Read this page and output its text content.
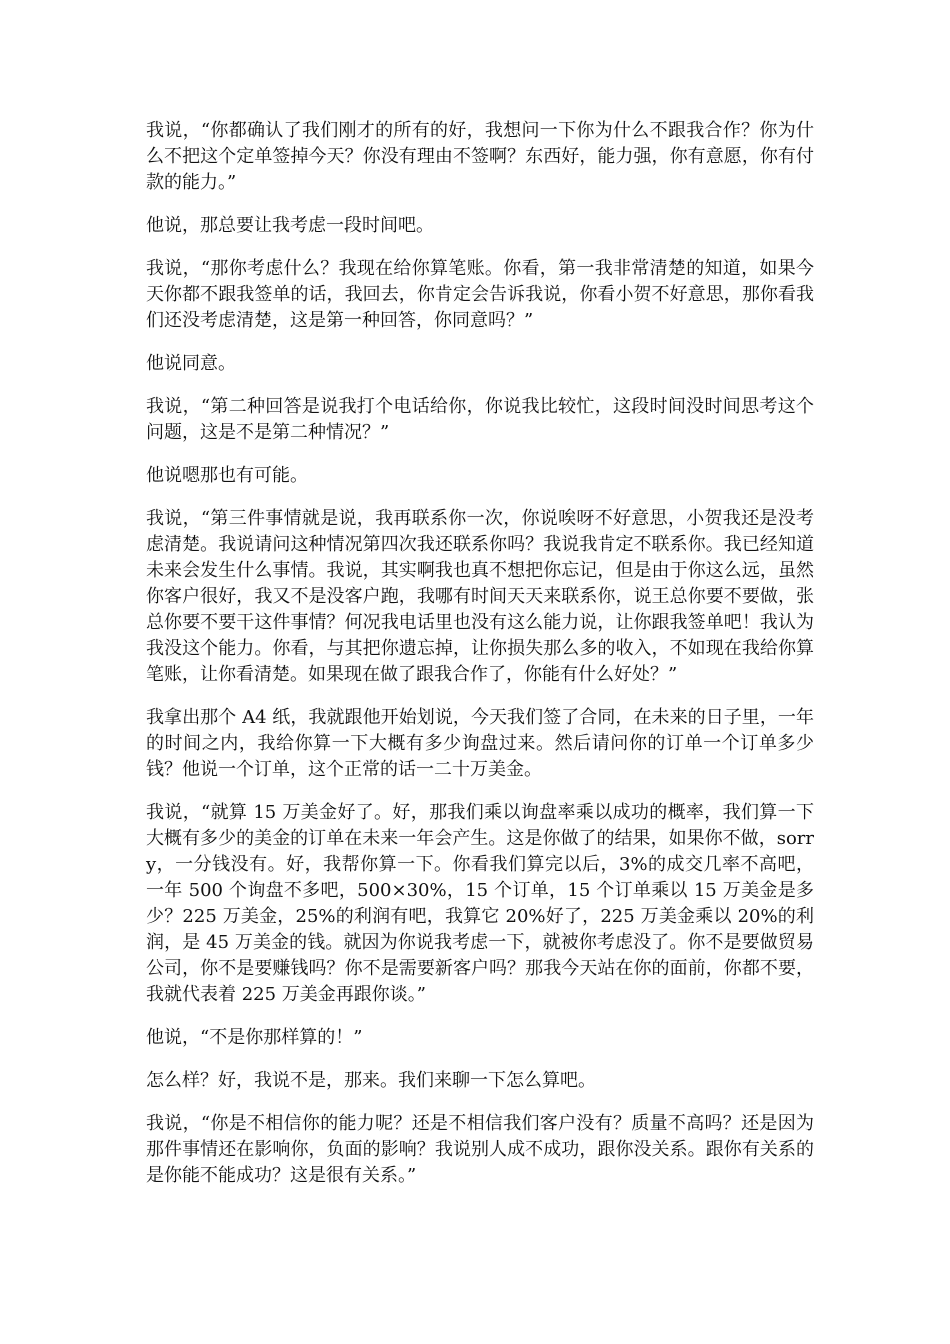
我说，“你都确认了我们刚才的所有的好，我想问一下你为什么不跟我合作？你为什么不把这个定单签掉今天？你没有理由不签啊？东西好，能力强，你有意愿，你有付款的能力。”

他说，那总要让我考虑一段时间吧。

我说，“那你考虑什么？我现在给你算笔账。你看，第一我非常清楚的知道，如果今天你都不跟我签单的话，我回去，你肯定会告诉我说，你看小贺不好意思，那你看我们还没考虑清楚，这是第一种回答，你同意吗？”

他说同意。

我说，“第二种回答是说我打个电话给你，你说我比较忙，这段时间没时间思考这个问题，这是不是第二种情况？”

他说嗯那也有可能。

我说，“第三件事情就是说，我再联系你一次，你说唉呀不好意思，小贺我还是没考虑清楚。我说请问这种情况第四次我还联系你吗？我说我肯定不联系你。我已经知道未来会发生什么事情。我说，其实啊我也真不想把你忘记，但是由于你这么远，虽然你客户很好，我又不是没客户跑，我哪有时间天天来联系你，说王总你要不要做，张总你要不要干这件事情？何况我电话里也没有这么能力说，让你跟我签单吧！我认为我没这个能力。你看，与其把你遗忘掉，让你损失那么多的收入，不如现在我给你算笔账，让你看清楚。如果现在做了跟我合作了，你能有什么好处？”

我拿出那个 A4 纸，我就跟他开始划说，今天我们签了合同，在未来的日子里，一年的时间之内，我给你算一下大概有多少询盘过来。然后请问你的订单一个订单多少钱？他说一个订单，这个正常的话一二十万美金。

我说，“就算 15 万美金好了。好，那我们乘以询盘率乘以成功的概率，我们算一下大概有多少的美金的订单在未来一年会产生。这是你做了的结果，如果你不做，sorry，一分钱没有。好，我帮你算一下。你看我们算完以后，3%的成交几率不高吧，一年 500 个询盘不多吧，500×30%，15 个订单，15 个订单乘以 15 万美金是多少？225 万美金，25%的利润有吧，我算它 20%好了，225 万美金乘以 20%的利润，是 45 万美金的钱。就因为你说我考虑一下，就被你考虑没了。你不是要做贸易公司，你不是要赚钱吗？你不是需要新客户吗？那我今天站在你的面前，你都不要，我就代表着 225 万美金再跟你谈。”

他说，“不是你那样算的！”

怎么样？好，我说不是，那来。我们来聊一下怎么算吧。

我说，“你是不相信你的能力呢？还是不相信我们客户没有？质量不高吗？还是因为那件事情还在影响你，负面的影响？我说别人成不成功，跟你没关系。跟你有关系的是你能不能成功？这是很有关系。”
